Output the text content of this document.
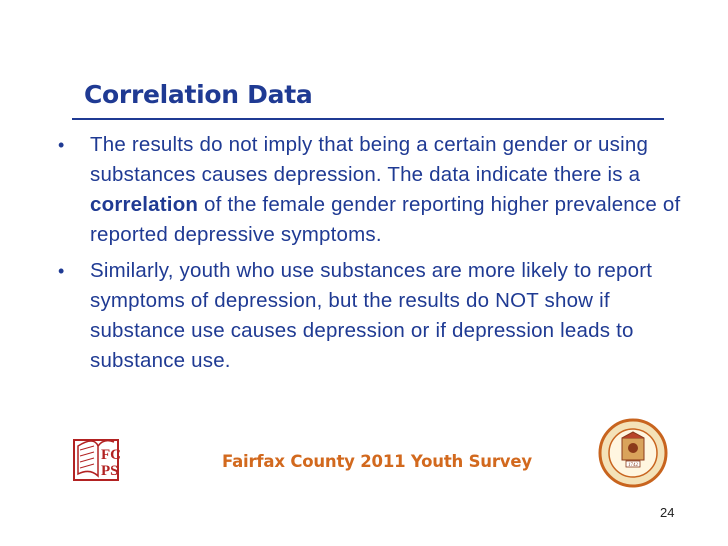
Correlation Data
• The results do not imply that being a certain gender or using substances causes depression. The data indicate there is a correlation of the female gender reporting higher prevalence of reported depressive symptoms.
• Similarly, youth who use substances are more likely to report symptoms of depression, but the results do NOT show if substance use causes depression or if depression leads to substance use.
FC
PS	Fairfax County 2011 Youth Survey	1742
24
